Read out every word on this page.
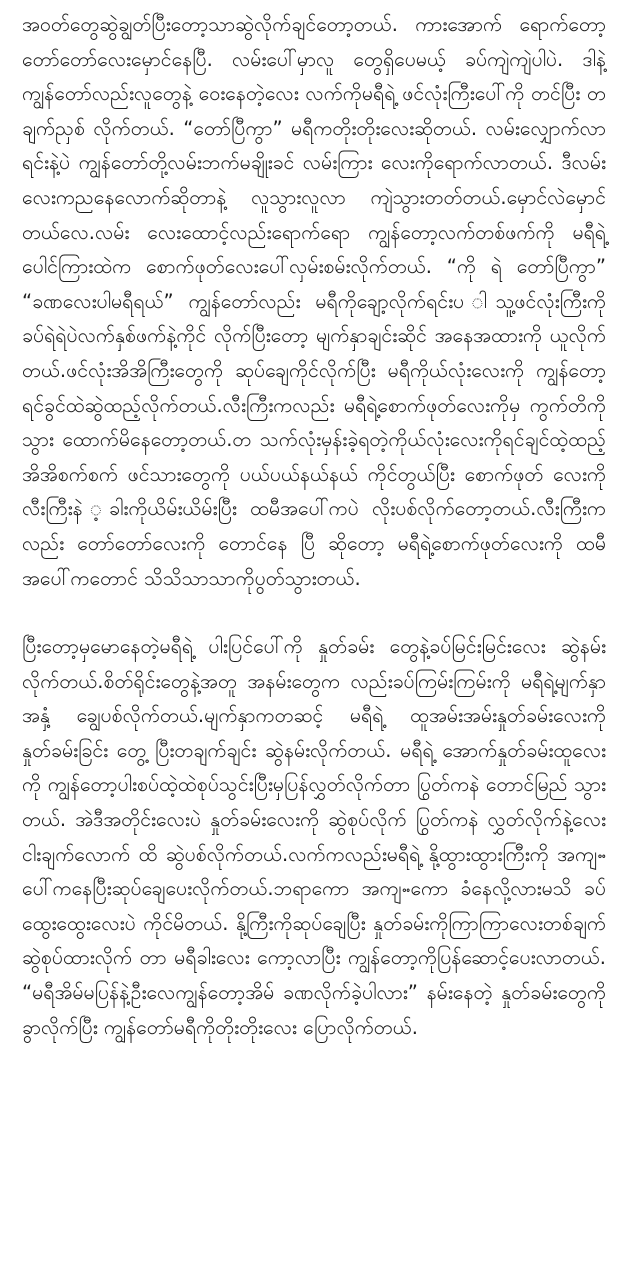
အဝတ်တွေဆွဲချွတ်ပြီးတော့သာဆွဲလိုက်ချင်တော့တယ်. ကားအောက် ရောက်တော့ တော်တော်လေးမှောင်နေပြီ. လမ်းပေါ်မှာလူ တွေရှိပေမယ့် ခပ်ကျဲကျဲပါပဲ. ဒါနဲ့ ကျွန်တော်လည်းလူတွေနဲ့ ဝေးနေတဲ့လေး လက်ကိုမရီရဲ့ ဖင်လုံးကြီးပေါ်ကို တင်ပြီး တချက်ညှစ် လိုက်တယ်. “တော်ပြီကွာ” မရီကတိုးတိုးလေးဆိုတယ်. လမ်းလျှောက်လာရင်းနဲ့ပဲ ကျွန်တော်တို့လမ်းဘက်မချိုးခင် လမ်းကြား လေးကိုရောက်လာတယ်. ဒီလမ်းလေးကညနေလောက်ဆိုတာနဲ့ လူသွားလူလာ ကျဲသွားတတ်တယ်.မှောင်လဲမှောင်တယ်လေ.လမ်း လေးထောင့်လည်းရောက်ရော ကျွန်တော့လက်တစ်ဖက်ကို မရီရဲ့ ပေါင်ကြားထဲက စောက်ဖုတ်လေးပေါ်လှမ်းစမ်းလိုက်တယ်. “ကို ရဲ တော်ပြီကွာ” “ခဏလေးပါမရီရယ်” ကျွန်တော်လည်း မရီကိုချော့လိုက်ရင်းပ ါသူ့ဖင်လုံးကြီးကို ခပ်ရဲရဲပဲလက်နှစ်ဖက်နဲ့ကိုင် လိုက်ပြီးတော့ မျက်နှာချင်းဆိုင် အနေအထားကို ယူလိုက်တယ်.ဖင်လုံးအိအိကြီးတွေကို ဆုပ်ချေကိုင်လိုက်ပြီး မရီကိုယ်လုံးလေးကို ကျွန်တော့ရင်ခွင်ထဲဆွဲထည့်လိုက်တယ်.လီးကြီးကလည်း မရီရဲ့စောက်ဖုတ်လေးကိုမှ ကွက်တိကိုသွား ထောက်မိနေတော့တယ်.တ သက်လုံးမှန်းခဲ့ရတဲ့ကိုယ်လုံးလေးကိုရင်ချင်ထဲ့ထည့် အိအိစက်စက် ဖင်သားတွေကို ပယ်ပယ်နယ်နယ် ကိုင်တွယ်ပြီး စောက်ဖုတ် လေးကိုလီးကြီးနဲ ့ခါးကိုယိမ်းယိမ်းပြီး ထမီအပေါ်ကပဲ လိုးပစ်လိုက်တော့တယ်.လီးကြီးကလည်း တော်တော်လေးကို တောင်နေ ပြီ ဆိုတော့ မရီရဲ့စောက်ဖုတ်လေးကို ထမီအပေါ်ကတောင် သိသိသာသာကိုပွတ်သွားတယ်.

ပြီးတော့မှမောနေတဲ့မရီရဲ့ ပါးပြင်ပေါ်ကို နှုတ်ခမ်း တွေနဲ့ခပ်မြင်းမြင်းလေး ဆွဲနမ်းလိုက်တယ်.စိတ်ရိုင်းတွေနဲ့အတူ အနမ်းတွေက လည်းခပ်ကြမ်းကြမ်းကို မရီရဲ့မျက်နှာအနှံ့ ချွေပစ်လိုက်တယ်.မျက်နှာကတဆင့် မရီရဲ့ ထူအမ်းအမ်းနှုတ်ခမ်းလေးကို နှုတ်ခမ်းခြင်း တွေ့ ပြီးတချက်ချင်း ဆွဲနမ်းလိုက်တယ်. မရီရဲ့ အောက်နှုတ်ခမ်းထူလေးကို ကျွန်တော့ပါးစပ်ထဲ့ထဲစုပ်သွင်းပြီးမှပြန်လွှတ်လိုက်တာ ပြွတ်ကနဲ တောင်မြည် သွားတယ်. အဲဒီအတိုင်းလေးပဲ နှုတ်ခမ်းလေးကို ဆွဲစုပ်လိုက် ပြွတ်ကနဲ လွှတ်လိုက်နဲ့လေးငါးချက်လောက် ထိ ဆွဲပစ်လိုက်တယ်.လက်ကလည်းမရီရဲ့ နို့ထွားထွားကြီးကို အကျႌပေါ်ကနေပြီးဆုပ်ချေပေးလိုက်တယ်.ဘရာကော အကျႌကော ခံနေလို့လားမသိ ခပ်ထွေးထွေးလေးပဲ ကိုင်မိတယ်. နို့ကြီးကိုဆုပ်ချေပြီး နှုတ်ခမ်းကိုကြာကြာလေးတစ်ချက်ဆွဲစုပ်ထားလိုက် တာ မရီခါးလေး ကော့လာပြီး ကျွန်တော့ကိုပြန်ဆောင့်ပေးလာတယ်. “မရီအိမ်မပြန်နဲ့ဦးလေကျွန်တော့အိမ် ခဏလိုက်ခဲ့ပါလား” နမ်းနေတဲ့ နှုတ်ခမ်းတွေကို ခွာလိုက်ပြီး ကျွန်တော်မရီကိုတိုးတိုးလေး ပြောလိုက်တယ်.
